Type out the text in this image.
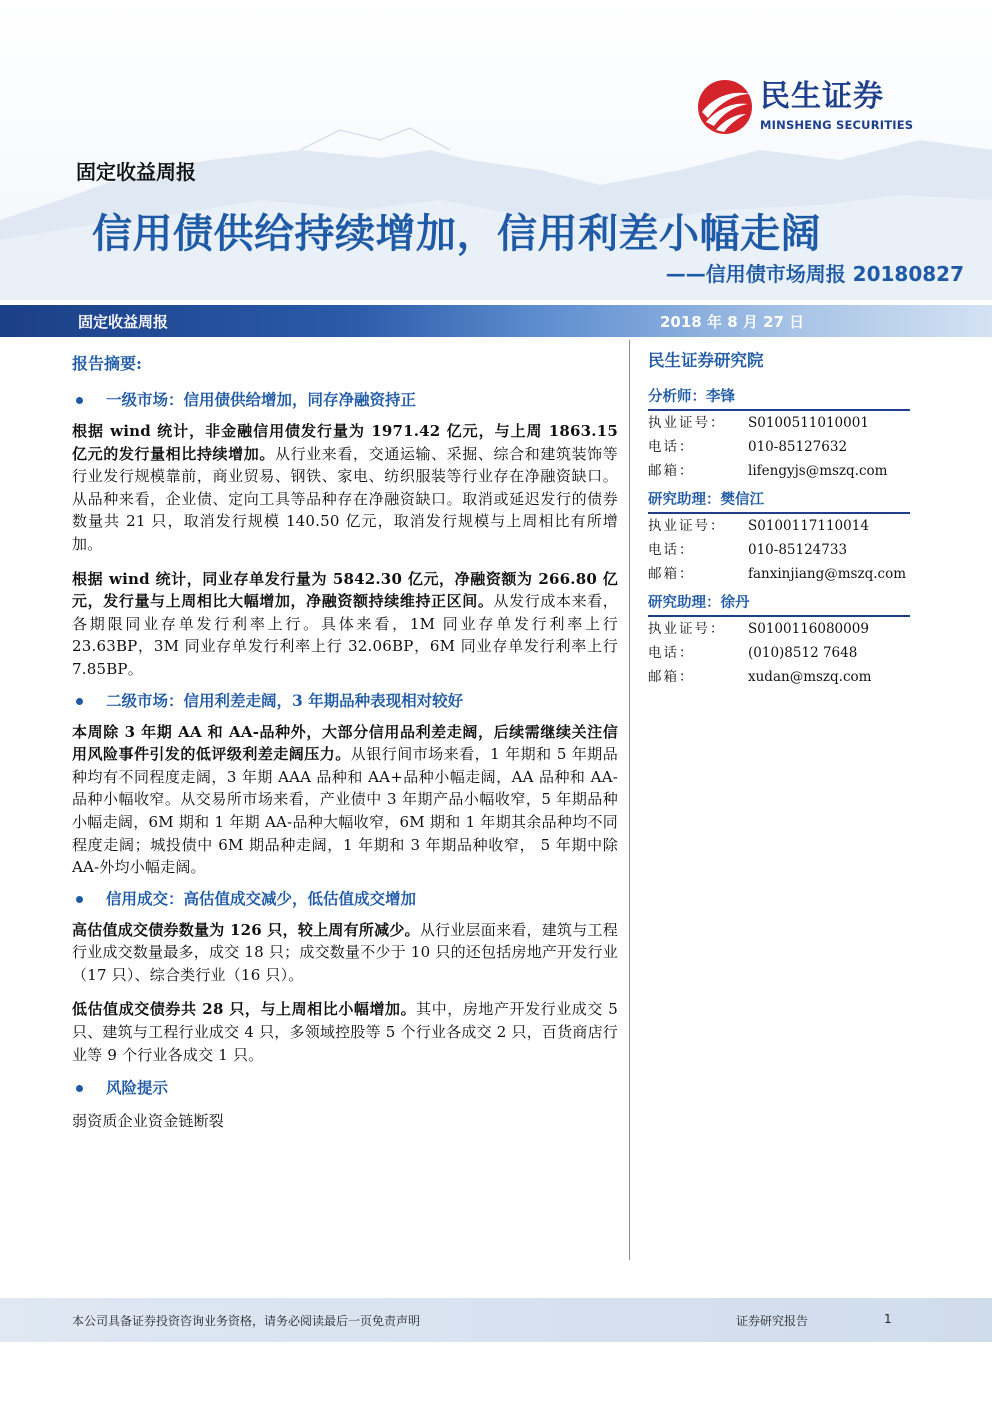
民生证券
MINSHENG SECURITIES
固定收益周报
信用债供给持续增加，信用利差小幅走阔
——信用债市场周报 20180827
固定收益周报	2018 年 8 月 27 日
报告摘要:
一级市场：信用债供给增加，同存净融资持正
根据 wind 统计，非金融信用债发行量为 1971.42 亿元，与上周 1863.15 亿元的发行量相比持续增加。从行业来看，交通运输、采掘、综合和建筑装饰等行业发行规模靠前，商业贸易、钢铁、家电、纺织服装等行业存在净融资缺口。从品种来看，企业债、定向工具等品种存在净融资缺口。取消或延迟发行的债券数量共 21 只，取消发行规模 140.50 亿元，取消发行规模与上周相比有所增加。
根据 wind 统计，同业存单发行量为 5842.30 亿元，净融资额为 266.80 亿元，发行量与上周相比大幅增加，净融资额持续维持正区间。从发行成本来看，各期限同业存单发行利率上行。具体来看，1M 同业存单发行利率上行 23.63BP，3M 同业存单发行利率上行 32.06BP，6M 同业存单发行利率上行 7.85BP。
二级市场：信用利差走阔，3 年期品种表现相对较好
本周除 3 年期 AA 和 AA-品种外，大部分信用品利差走阔，后续需继续关注信用风险事件引发的低评级利差走阔压力。从银行间市场来看，1 年期和 5 年期品种均有不同程度走阔，3 年期 AAA 品种和 AA+品种小幅走阔，AA 品种和 AA-品种小幅收窄。从交易所市场来看，产业债中 3 年期产品小幅收窄，5 年期品种小幅走阔，6M 期和 1 年期 AA-品种大幅收窄，6M 期和 1 年期其余品种均不同程度走阔；城投债中 6M 期品种走阔，1 年期和 3 年期品种收窄， 5 年期中除 AA-外均小幅走阔。
信用成交：高估值成交减少，低估值成交增加
高估值成交债券数量为 126 只，较上周有所减少。从行业层面来看，建筑与工程行业成交数量最多，成交 18 只；成交数量不少于 10 只的还包括房地产开发行业（17 只）、综合类行业（16 只）。
低估值成交债券共 28 只，与上周相比小幅增加。其中，房地产开发行业成交 5 只、建筑与工程行业成交 4 只，多领域控股等 5 个行业各成交 2 只，百货商店行业等 9 个行业各成交 1 只。
风险提示
弱资质企业资金链断裂
民生证券研究院
分析师：李锋
执业证号：	S0100511010001
电话：	010-85127632
邮箱：	lifengyjs@mszq.com
研究助理：樊信江
执业证号：	S0100117110014
电话：	010-85124733
邮箱：	fanxinjiang@mszq.com
研究助理：徐丹
执业证号：	S0100116080009
电话：	(010)8512 7648
邮箱：	xudan@mszq.com
本公司具备证券投资咨询业务资格，请务必阅读最后一页免责声明	证券研究报告	1
